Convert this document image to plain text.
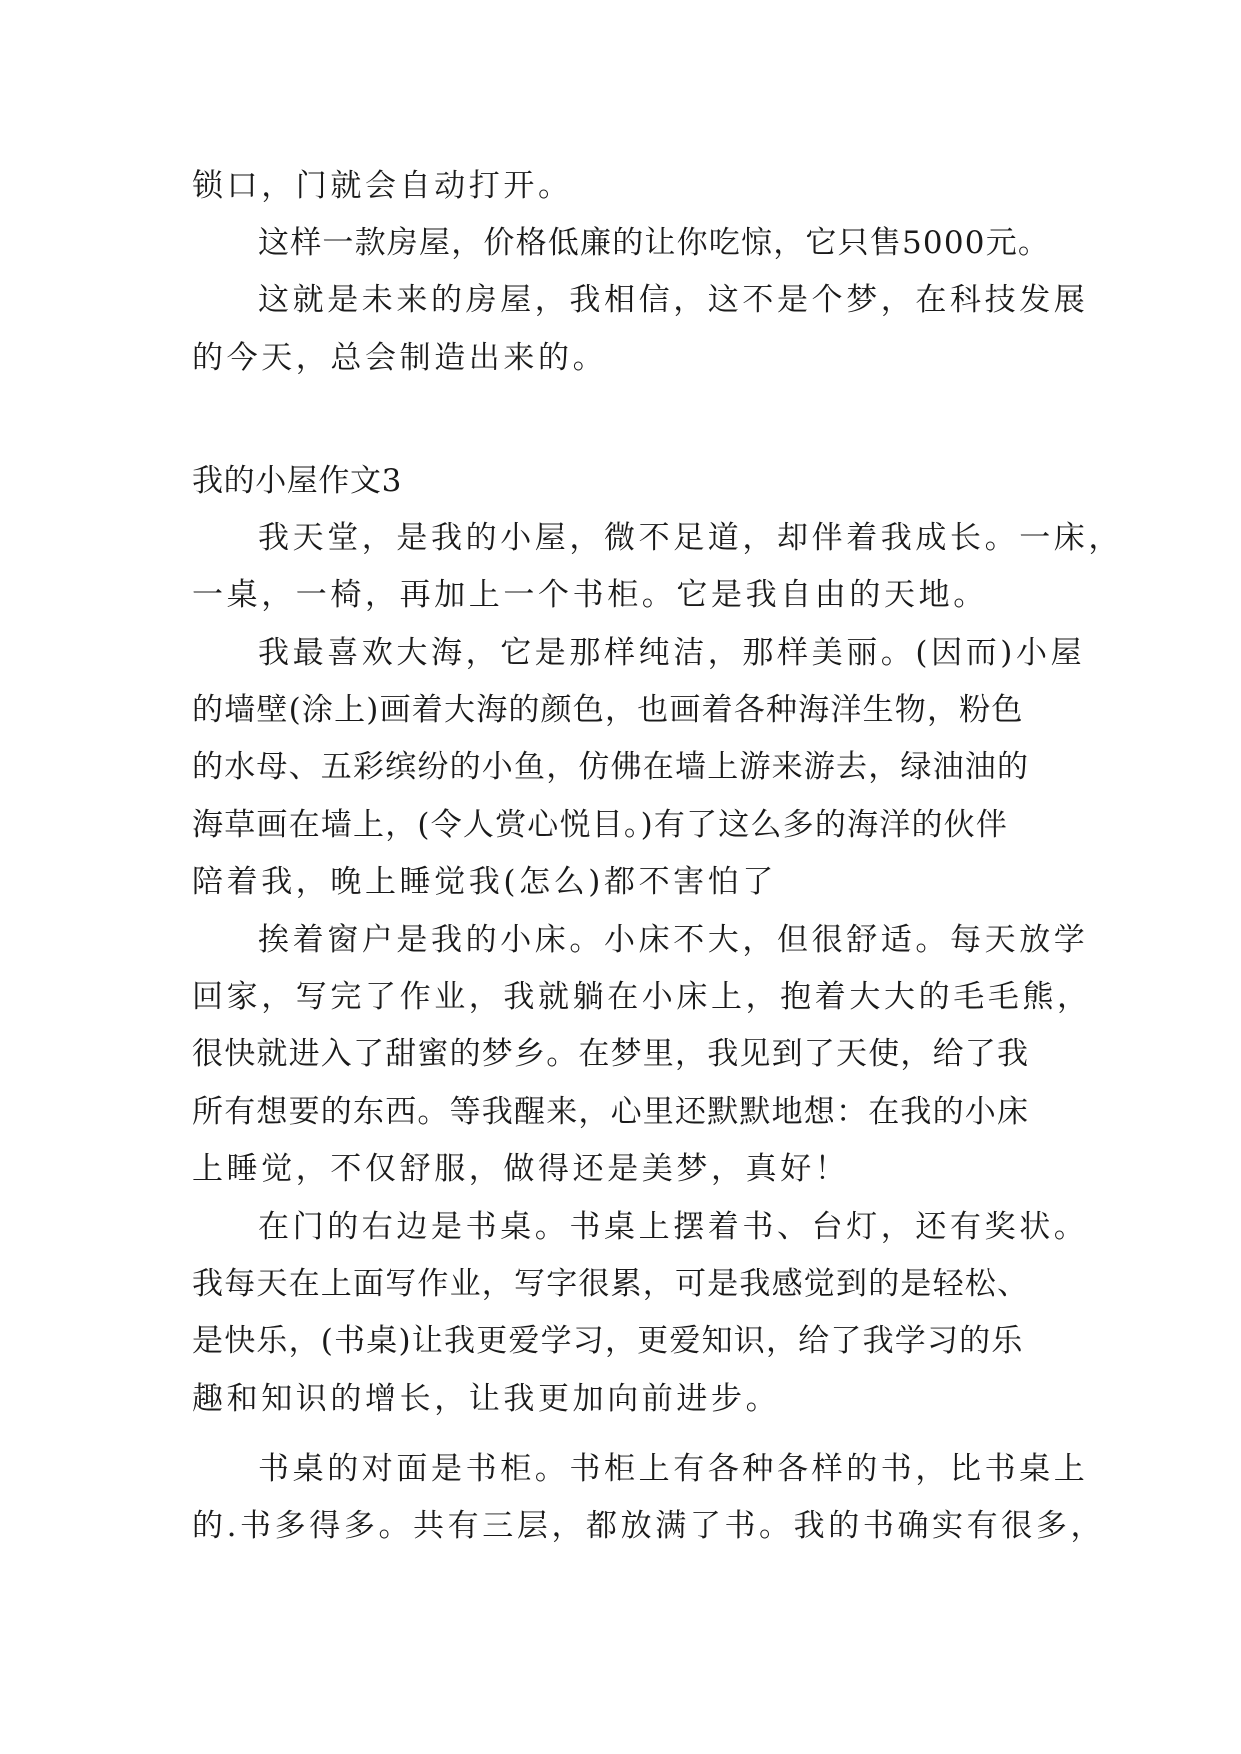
锁口，门就会自动打开。

这样一款房屋，价格低廉的让你吃惊，它只售5000元。

这就是未来的房屋，我相信，这不是个梦，在科技发展

的今天，总会制造出来的。

我的小屋作文3

我天堂，是我的小屋，微不足道，却伴着我成长。一床，

一桌，一椅，再加上一个书柜。它是我自由的天地。

我最喜欢大海，它是那样纯洁，那样美丽。(因而)小屋

的墙壁(涂上)画着大海的颜色，也画着各种海洋生物，粉色

的水母、五彩缤纷的小鱼，仿佛在墙上游来游去，绿油油的

海草画在墙上，(令人赏心悦目。)有了这么多的海洋的伙伴

陪着我，晚上睡觉我(怎么)都不害怕了

挨着窗户是我的小床。小床不大，但很舒适。每天放学

回家，写完了作业，我就躺在小床上，抱着大大的毛毛熊，

很快就进入了甜蜜的梦乡。在梦里，我见到了天使，给了我

所有想要的东西。等我醒来，心里还默默地想：在我的小床

上睡觉，不仅舒服，做得还是美梦，真好！

在门的右边是书桌。书桌上摆着书、台灯，还有奖状。

我每天在上面写作业，写字很累，可是我感觉到的是轻松、

是快乐，(书桌)让我更爱学习，更爱知识，给了我学习的乐

趣和知识的增长，让我更加向前进步。

书桌的对面是书柜。书柜上有各种各样的书，比书桌上

的.书多得多。共有三层，都放满了书。我的书确实有很多，
